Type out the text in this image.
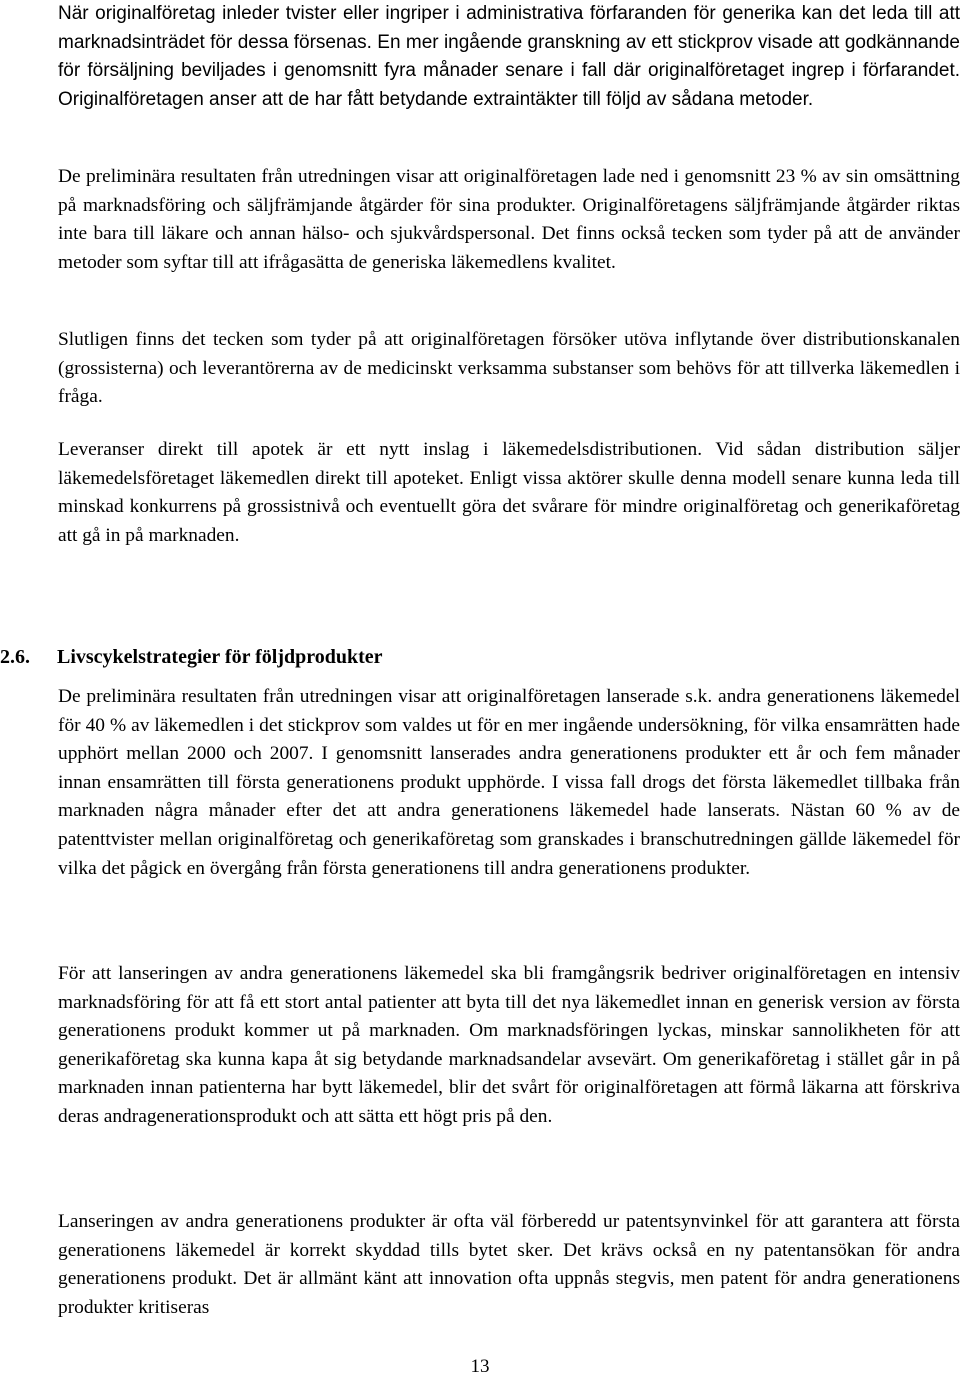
När originalföretag inleder tvister eller ingriper i administrativa förfaranden för generika kan det leda till att marknadsinträdet för dessa försenas. En mer ingående granskning av ett stickprov visade att godkännande för försäljning beviljades i genomsnitt fyra månader senare i fall där originalföretaget ingrep i förfarandet. Originalföretagen anser att de har fått betydande extraintäkter till följd av sådana metoder.

De preliminära resultaten från utredningen visar att originalföretagen lade ned i genomsnitt 23 % av sin omsättning på marknadsföring och säljfrämjande åtgärder för sina produkter. Originalföretagens säljfrämjande åtgärder riktas inte bara till läkare och annan hälso- och sjukvårdspersonal. Det finns också tecken som tyder på att de använder metoder som syftar till att ifrågasätta de generiska läkemedlens kvalitet.

Slutligen finns det tecken som tyder på att originalföretagen försöker utöva inflytande över distributionskanalen (grossisterna) och leverantörerna av de medicinskt verksamma substanser som behövs för att tillverka läkemedlen i fråga.

Leveranser direkt till apotek är ett nytt inslag i läkemedelsdistributionen. Vid sådan distribution säljer läkemedelsföretaget läkemedlen direkt till apoteket. Enligt vissa aktörer skulle denna modell senare kunna leda till minskad konkurrens på grossistnivå och eventuellt göra det svårare för mindre originalföretag och generikaföretag att gå in på marknaden.

2.6. Livscykelstrategier för följdprodukter

De preliminära resultaten från utredningen visar att originalföretagen lanserade s.k. andra generationens läkemedel för 40 % av läkemedlen i det stickprov som valdes ut för en mer ingående undersökning, för vilka ensamrätten hade upphört mellan 2000 och 2007. I genomsnitt lanserades andra generationens produkter ett år och fem månader innan ensamrätten till första generationens produkt upphörde. I vissa fall drogs det första läkemedlet tillbaka från marknaden några månader efter det att andra generationens läkemedel hade lanserats. Nästan 60 % av de patenttvister mellan originalföretag och generikaföretag som granskades i branschutredningen gällde läkemedel för vilka det pågick en övergång från första generationens till andra generationens produkter.

För att lanseringen av andra generationens läkemedel ska bli framgångsrik bedriver originalföretagen en intensiv marknadsföring för att få ett stort antal patienter att byta till det nya läkemedlet innan en generisk version av första generationens produkt kommer ut på marknaden. Om marknadsföringen lyckas, minskar sannolikheten för att generikaföretag ska kunna kapa åt sig betydande marknadsandelar avsevärt. Om generikaföretag i stället går in på marknaden innan patienterna har bytt läkemedel, blir det svårt för originalföretagen att förmå läkarna att förskriva deras andragenerationsprodukt och att sätta ett högt pris på den.

Lanseringen av andra generationens produkter är ofta väl förberedd ur patentsynvinkel för att garantera att första generationens läkemedel är korrekt skyddad tills bytet sker. Det krävs också en ny patentansökan för andra generationens produkt. Det är allmänt känt att innovation ofta uppnås stegvis, men patent för andra generationens produkter kritiseras

13
